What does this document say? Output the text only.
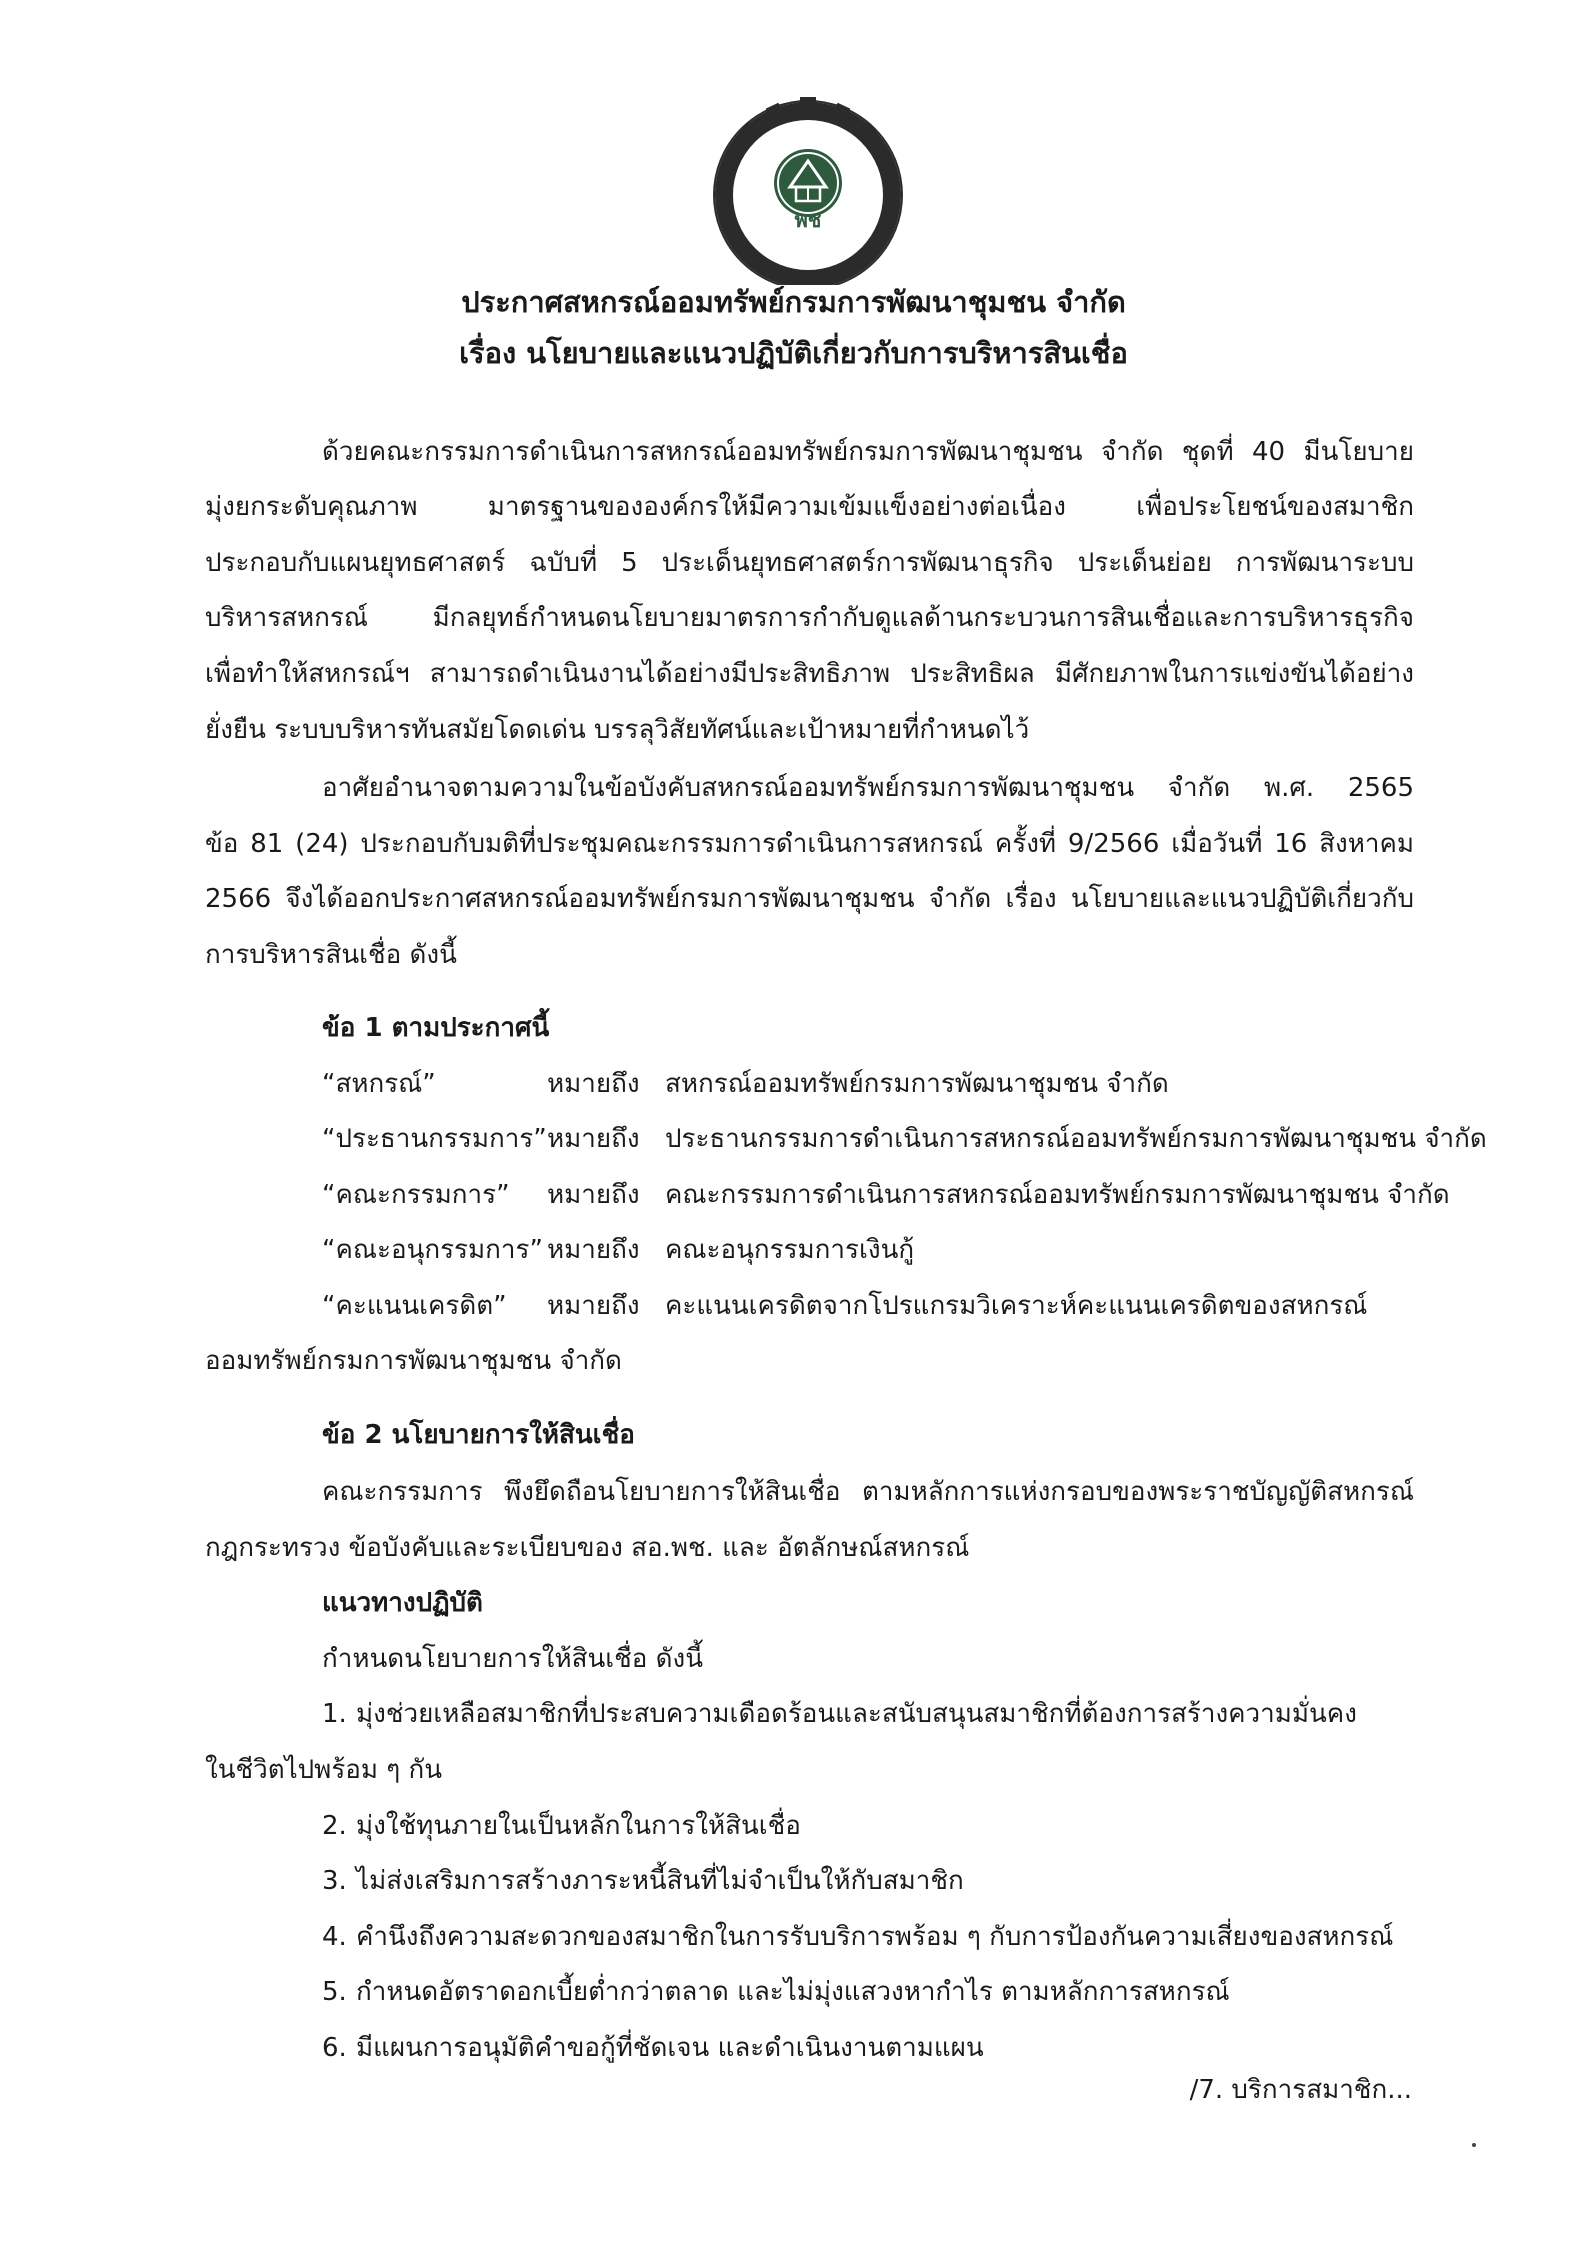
พช
สหกรณ์ออมทรัพย์กรมการพัฒนาชุมชน จำกัด
ประกาศสหกรณ์ออมทรัพย์กรมการพัฒนาชุมชน จำกัด
เรื่อง นโยบายและแนวปฏิบัติเกี่ยวกับการบริหารสินเชื่อ
ด้วยคณะกรรมการดำเนินการสหกรณ์ออมทรัพย์กรมการพัฒนาชุมชน จำกัด ชุดที่ 40 มีนโยบาย
มุ่งยกระดับคุณภาพ มาตรฐานขององค์กรให้มีความเข้มแข็งอย่างต่อเนื่อง เพื่อประโยชน์ของสมาชิก
ประกอบกับแผนยุทธศาสตร์ ฉบับที่ 5 ประเด็นยุทธศาสตร์การพัฒนาธุรกิจ ประเด็นย่อย การพัฒนาระบบ
บริหารสหกรณ์ มีกลยุทธ์กำหนดนโยบายมาตรการกำกับดูแลด้านกระบวนการสินเชื่อและการบริหารธุรกิจ
เพื่อทำให้สหกรณ์ฯ สามารถดำเนินงานได้อย่างมีประสิทธิภาพ ประสิทธิผล มีศักยภาพในการแข่งขันได้อย่าง
ยั่งยืน ระบบบริหารทันสมัยโดดเด่น บรรลุวิสัยทัศน์และเป้าหมายที่กำหนดไว้
อาศัยอำนาจตามความในข้อบังคับสหกรณ์ออมทรัพย์กรมการพัฒนาชุมชน จำกัด พ.ศ. 2565
ข้อ 81 (24) ประกอบกับมติที่ประชุมคณะกรรมการดำเนินการสหกรณ์ ครั้งที่ 9/2566 เมื่อวันที่ 16 สิงหาคม
2566 จึงได้ออกประกาศสหกรณ์ออมทรัพย์กรมการพัฒนาชุมชน จำกัด เรื่อง นโยบายและแนวปฏิบัติเกี่ยวกับ
การบริหารสินเชื่อ ดังนี้
ข้อ 1 ตามประกาศนี้
“สหกรณ์”	หมายถึง สหกรณ์ออมทรัพย์กรมการพัฒนาชุมชน จำกัด
“ประธานกรรมการ” หมายถึง ประธานกรรมการดำเนินการสหกรณ์ออมทรัพย์กรมการพัฒนาชุมชน จำกัด
“คณะกรรมการ” หมายถึง คณะกรรมการดำเนินการสหกรณ์ออมทรัพย์กรมการพัฒนาชุมชน จำกัด
“คณะอนุกรรมการ” หมายถึง คณะอนุกรรมการเงินกู้
“คะแนนเครดิต” หมายถึง คะแนนเครดิตจากโปรแกรมวิเคราะห์คะแนนเครดิตของสหกรณ์
ออมทรัพย์กรมการพัฒนาชุมชน จำกัด
ข้อ 2 นโยบายการให้สินเชื่อ
คณะกรรมการ พึงยึดถือนโยบายการให้สินเชื่อ ตามหลักการแห่งกรอบของพระราชบัญญัติสหกรณ์
กฎกระทรวง ข้อบังคับและระเบียบของ สอ.พช. และ อัตลักษณ์สหกรณ์
แนวทางปฏิบัติ
กำหนดนโยบายการให้สินเชื่อ ดังนี้
1. มุ่งช่วยเหลือสมาชิกที่ประสบความเดือดร้อนและสนับสนุนสมาชิกที่ต้องการสร้างความมั่นคง
ในชีวิตไปพร้อม ๆ กัน
2. มุ่งใช้ทุนภายในเป็นหลักในการให้สินเชื่อ
3. ไม่ส่งเสริมการสร้างภาระหนี้สินที่ไม่จำเป็นให้กับสมาชิก
4. คำนึงถึงความสะดวกของสมาชิกในการรับบริการพร้อม ๆ กับการป้องกันความเสี่ยงของสหกรณ์
5. กำหนดอัตราดอกเบี้ยต่ำกว่าตลาด และไม่มุ่งแสวงหากำไร ตามหลักการสหกรณ์
6. มีแผนการอนุมัติคำขอกู้ที่ชัดเจน และดำเนินงานตามแผน
/7. บริการสมาชิก...
